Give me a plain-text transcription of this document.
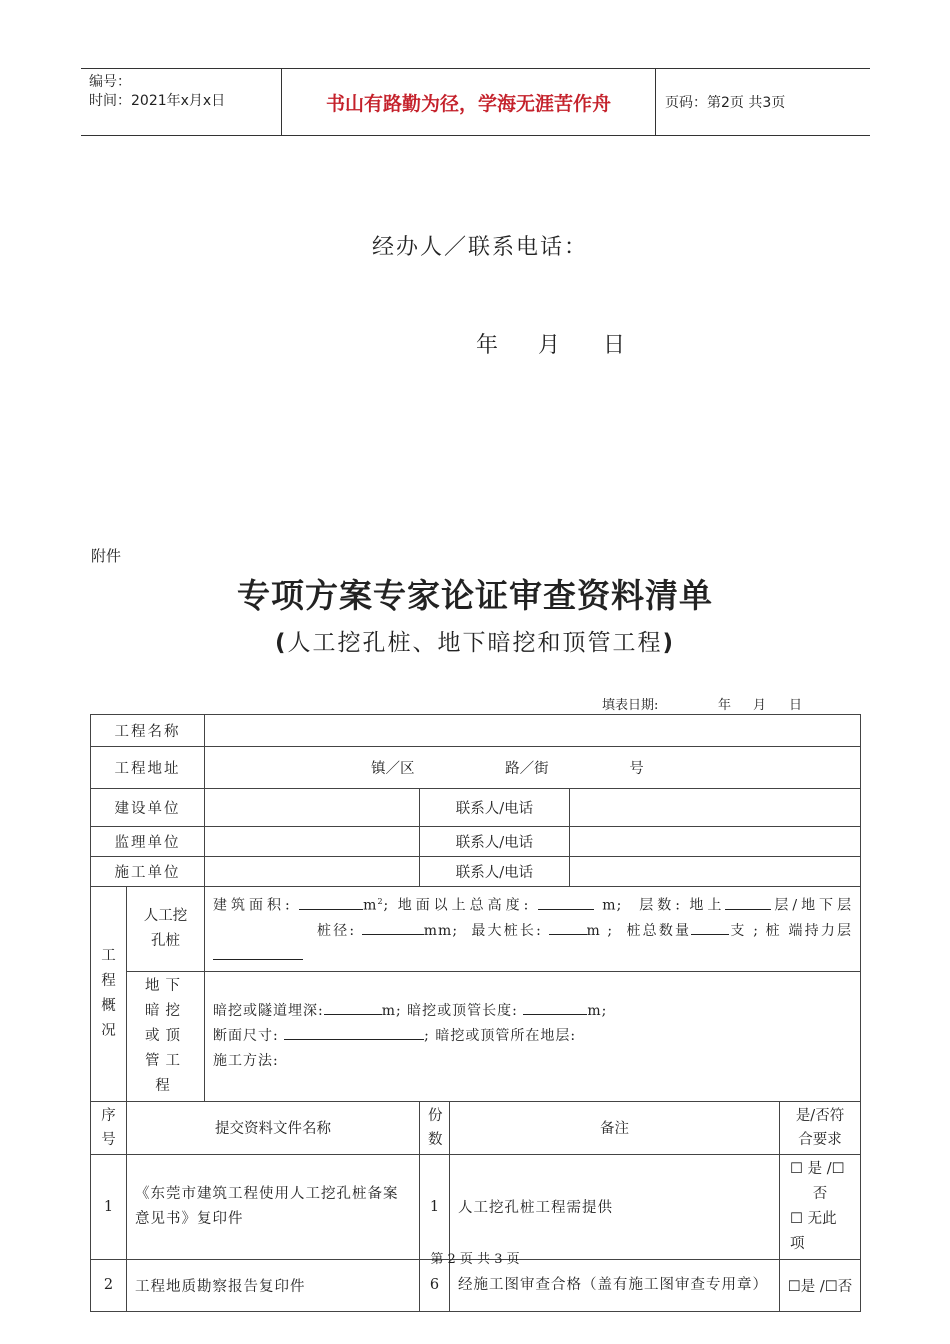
编号：
时间：2021年x月x日	书山有路勤为径，学海无涯苦作舟	页码：第2页 共3页
经办人／联系电话：
年 月 日
附件
专项方案专家论证审查资料清单
(人工挖孔桩、地下暗挖和顶管工程)
填表日期:	年 月 日
工程名称						
工程地址		镇／区 路／街 号				
建设单位			联系人/电话			
监理单位			联系人/电话			
施工单位			联系人/电话			
工程概况	人工挖孔桩	建筑面积: $m^2$; 地面以上总高度: m; 层数: 地上 层/地下层 桩径: mm; 最大桩长: m ; 桩总数量 支 ; 桩 端持力层				
	地下暗挖或顶管工程	暗挖或隧道埋深: m; 暗挖或顶管长度: m;
断面尺寸: ; 暗挖或顶管所在地层:
施工方法:				

序号	提交资料文件名称		份数	备注		是/否符合要求
1	《东莞市建筑工程使用人工挖孔桩备案意见书》复印件		1	人工挖孔桩工程需提供		☐ 是 /☐
否
☐ 无此项

2	工程地质勘察报告复印件		6	经施工图审查合格（盖有施工图审查专用章）		☐是 /☐否
第 2 页 共 3 页
